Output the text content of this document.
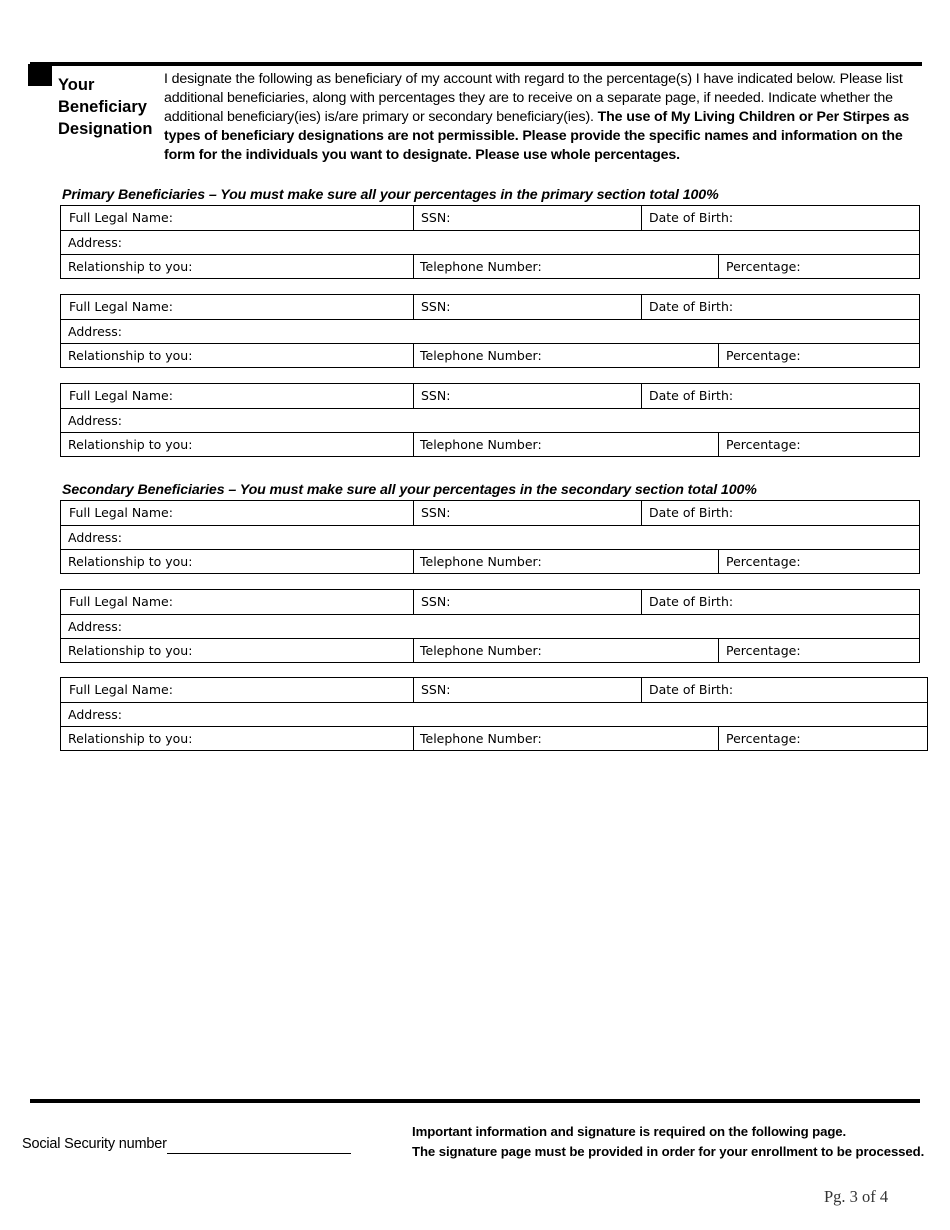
Your
Beneficiary
Designation

I designate the following as beneficiary of my account with regard to the percentage(s) I have indicated below. Please list additional beneficiaries, along with percentages they are to receive on a separate page, if needed. Indicate whether the additional beneficiary(ies) is/are primary or secondary beneficiary(ies). The use of My Living Children or Per Stirpes as types of beneficiary designations are not permissible. Please provide the specific names and information on the form for the individuals you want to designate. Please use whole percentages.

Primary Beneficiaries – You must make sure all your percentages in the primary section total 100%
Secondary Beneficiaries – You must make sure all your percentages in the secondary section total 100%
Full Legal Name:	SSN:	Date of Birth:
Address:
Relationship to you:	Telephone Number:	Percentage:
Full Legal Name:	SSN:	Date of Birth:
Address:
Relationship to you:	Telephone Number:	Percentage:
Full Legal Name:	SSN:	Date of Birth:
Address:
Relationship to you:	Telephone Number:	Percentage:
Full Legal Name:	SSN:	Date of Birth:
Address:
Relationship to you:	Telephone Number:	Percentage:
Full Legal Name:	SSN:	Date of Birth:
Address:
Relationship to you:	Telephone Number:	Percentage:
Full Legal Name:	SSN:	Date of Birth:
Address:
Relationship to you:	Telephone Number:	Percentage:
Social Security number
Important information and signature is required on the following page.
The signature page must be provided in order for your enrollment to be processed.
Pg. 3 of 4
